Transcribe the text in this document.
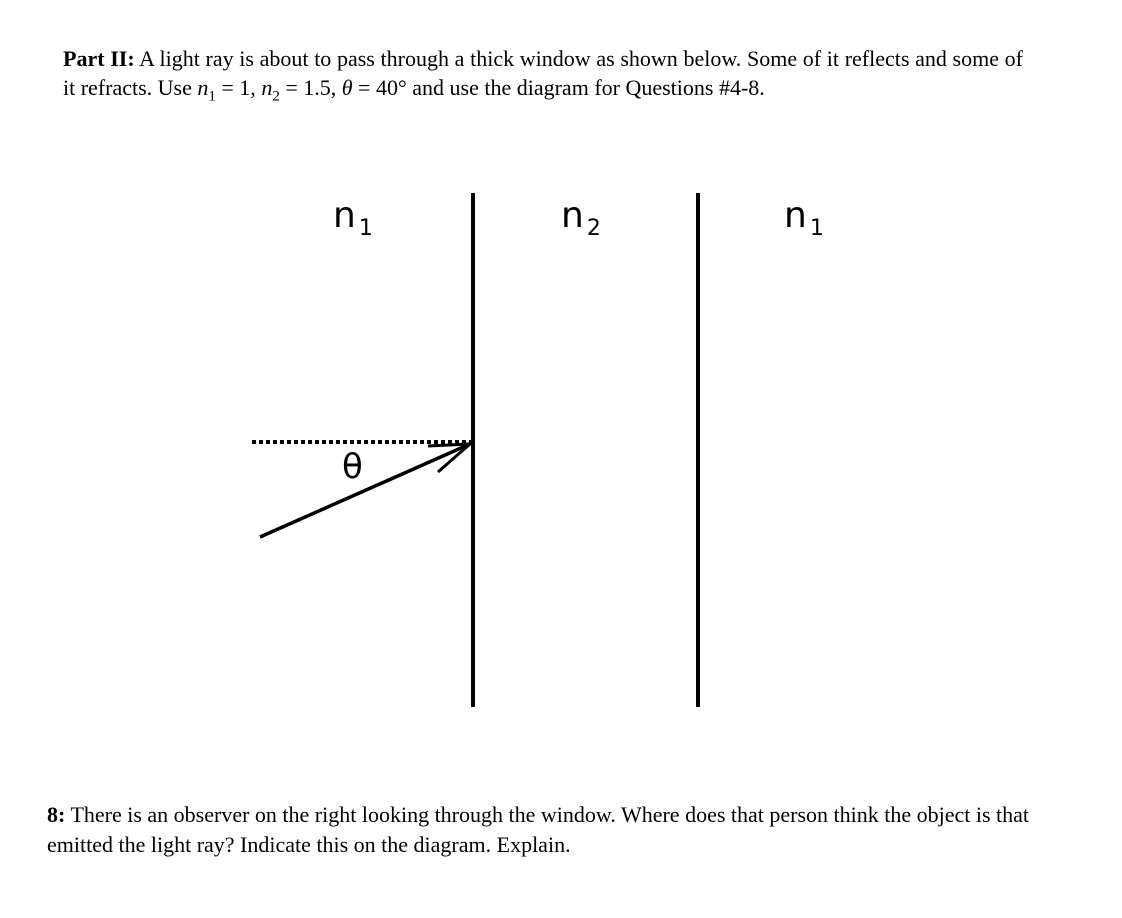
Part II: A light ray is about to pass through a thick window as shown below. Some of it reflects and some of it refracts. Use $n_1 = 1$, $n_2 = 1.5$, θ = 40° and use the diagram for Questions #4-8.

n $_1$	n $_2$	n $_1$
θ

8: There is an observer on the right looking through the window. Where does that person think the object is that emitted the light ray? Indicate this on the diagram. Explain.
